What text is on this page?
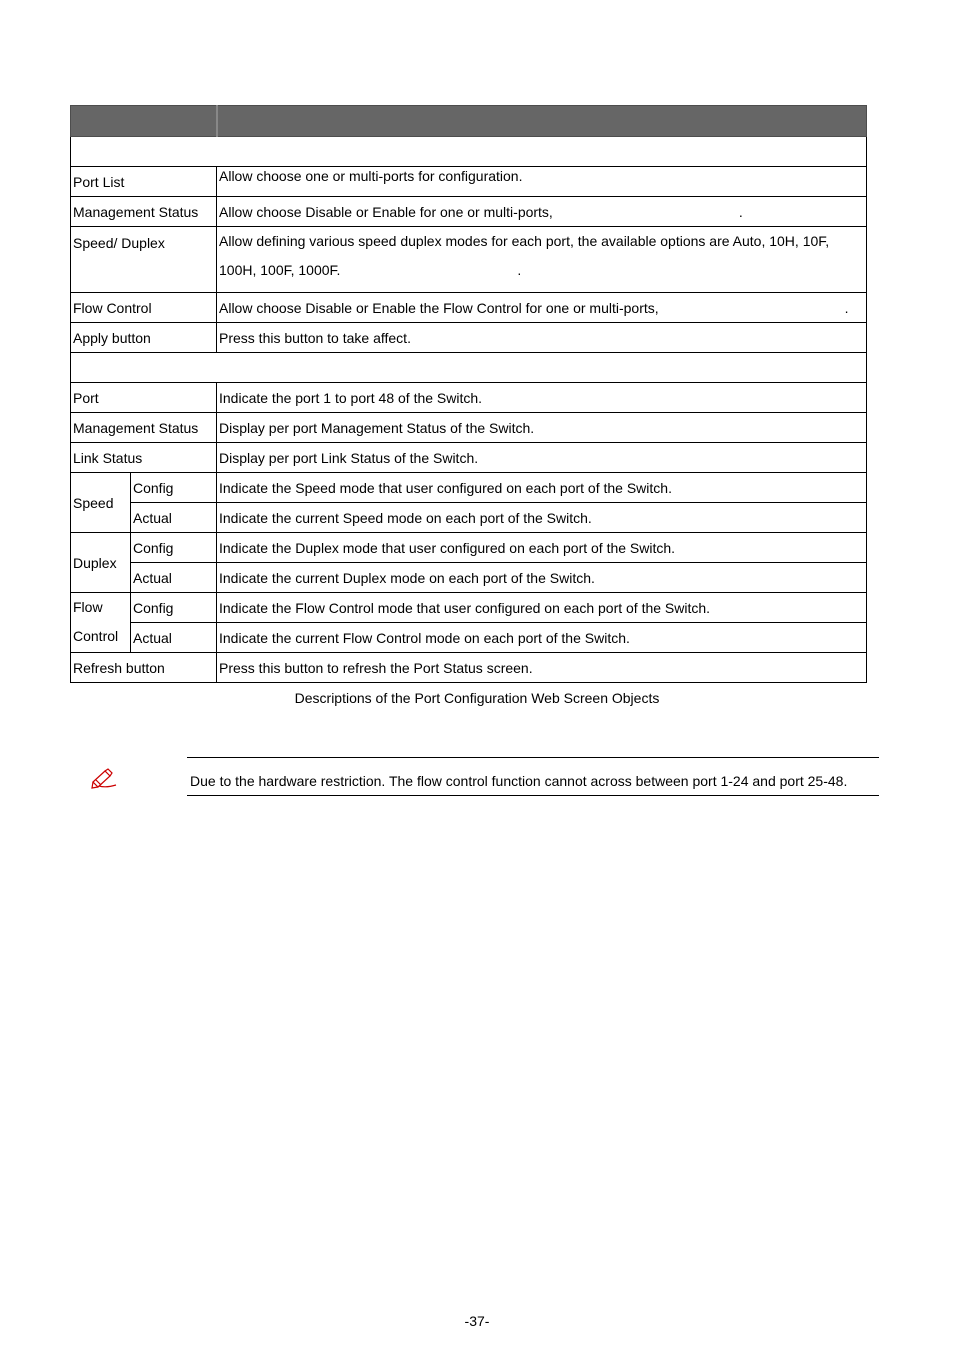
Port List		Allow choose one or multi-ports for configuration.
Management Status		Allow choose Disable or Enable for one or multi-ports, .
Speed/ Duplex		Allow defining various speed duplex modes for each port, the available options are Auto, 10H, 10F,
100H, 100F, 1000F. .

Flow Control		Allow choose Disable or Enable the Flow Control for one or multi-ports, .
Apply button		Press this button to take affect.

Port		Indicate the port 1 to port 48 of the Switch.
Management Status		Display per port Management Status of the Switch.
Link Status		Display per port Link Status of the Switch.
Speed	Config	Indicate the Speed mode that user configured on each port of the Switch.
	Actual	Indicate the current Speed mode on each port of the Switch.
Duplex	Config	Indicate the Duplex mode that user configured on each port of the Switch.
	Actual	Indicate the current Duplex mode on each port of the Switch.

Flow
Control	Config	Indicate the Flow Control mode that user configured on each port of the Switch.
	Actual	Indicate the current Flow Control mode on each port of the Switch.
Refresh button		Press this button to refresh the Port Status screen.
Descriptions of the Port Configuration Web Screen Objects
Due to the hardware restriction. The flow control function cannot across between port 1-24 and port 25-48.
-37-
